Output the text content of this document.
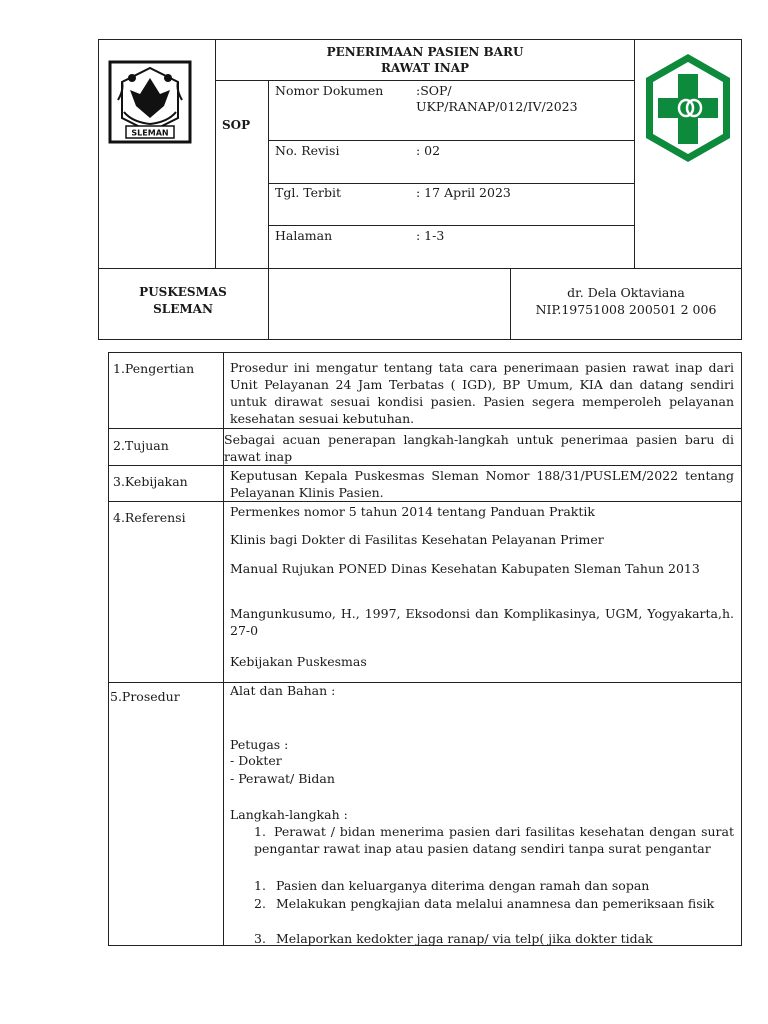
SLEMAN
PENERIMAAN PASIEN BARU
RAWAT INAP
SOP
Nomor Dokumen	:SOP/
UKP/RANAP/012/IV/2023
No. Revisi	: 02
Tgl. Terbit	: 17 April 2023
Halaman	: 1-3
PUSKESMAS
SLEMAN
dr. Dela Oktaviana
NIP.19751008 200501 2 006
1.Pengertian	Prosedur ini mengatur tentang tata cara penerimaan pasien rawat inap dari Unit Pelayanan 24 Jam Terbatas ( IGD), BP Umum, KIA dan datang sendiri untuk dirawat sesuai kondisi pasien. Pasien segera memperoleh pelayanan kesehatan sesuai kebutuhan.
2.Tujuan	Sebagai acuan penerapan langkah-langkah untuk penerimaa pasien baru di rawat inap
3.Kebijakan	Keputusan Kepala Puskesmas Sleman Nomor 188/31/PUSLEM/2022 tentang Pelayanan Klinis Pasien.
4.Referensi	Permenkes nomor 5 tahun 2014 tentang Panduan Praktik
Klinis bagi Dokter di Fasilitas Kesehatan Pelayanan Primer
Manual Rujukan PONED Dinas Kesehatan Kabupaten Sleman Tahun 2013
Mangunkusumo, H., 1997, Eksodonsi dan Komplikasinya, UGM, Yogyakarta,h. 27-0
Kebijakan Puskesmas
5.Prosedur	Alat dan Bahan :
Petugas :
- Dokter
- Perawat/ Bidan
Langkah-langkah :
1. Perawat / bidan menerima pasien dari fasilitas kesehatan dengan surat pengantar rawat inap atau pasien datang sendiri tanpa surat pengantar
1. Pasien dan keluarganya diterima dengan ramah dan sopan
2. Melakukan pengkajian data melalui anamnesa dan pemeriksaan fisik
3. Melaporkan kedokter jaga ranap/ via telp( jika dokter tidak
